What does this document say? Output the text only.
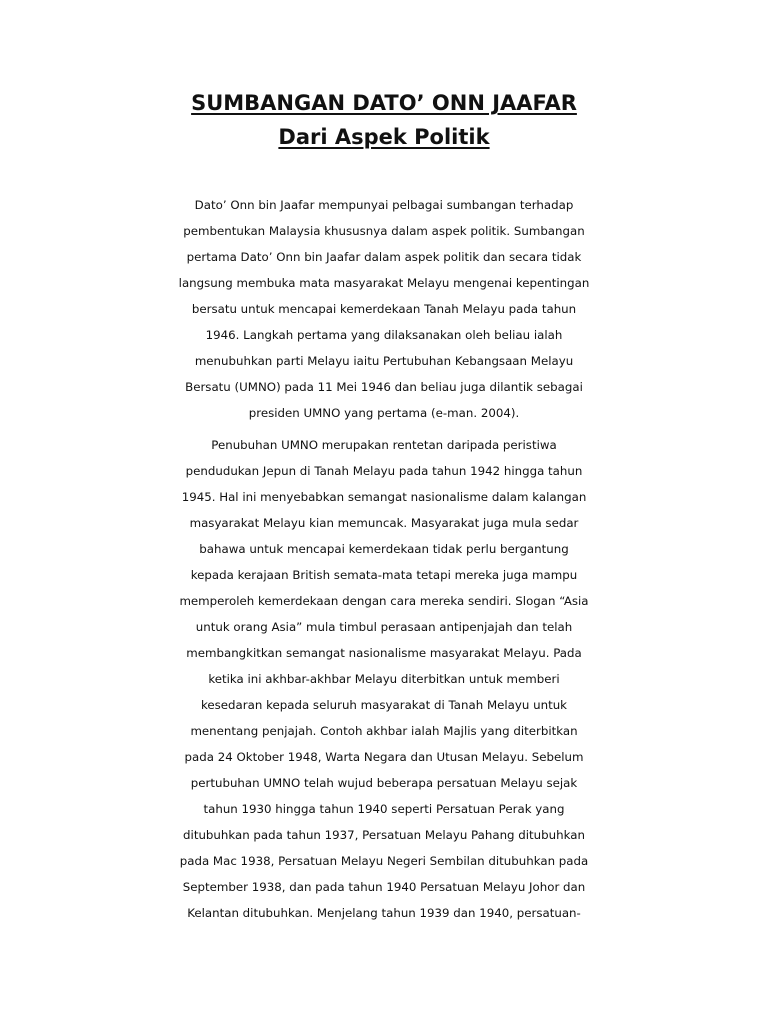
SUMBANGAN DATO’ ONN JAAFAR
Dari Aspek Politik

Dato’ Onn bin Jaafar mempunyai pelbagai sumbangan terhadap

pembentukan Malaysia khususnya dalam aspek politik. Sumbangan

pertama Dato’ Onn bin Jaafar dalam aspek politik dan secara tidak

langsung membuka mata masyarakat Melayu mengenai kepentingan

bersatu untuk mencapai kemerdekaan Tanah Melayu pada tahun

1946. Langkah pertama yang dilaksanakan oleh beliau ialah

menubuhkan parti Melayu iaitu Pertubuhan Kebangsaan Melayu

Bersatu (UMNO) pada 11 Mei 1946 dan beliau juga dilantik sebagai

presiden UMNO yang pertama (e-man. 2004).

Penubuhan UMNO merupakan rentetan daripada peristiwa

pendudukan Jepun di Tanah Melayu pada tahun 1942 hingga tahun

1945. Hal ini menyebabkan semangat nasionalisme dalam kalangan

masyarakat Melayu kian memuncak. Masyarakat juga mula sedar

bahawa untuk mencapai kemerdekaan tidak perlu bergantung

kepada kerajaan British semata-mata tetapi mereka juga mampu

memperoleh kemerdekaan dengan cara mereka sendiri. Slogan “Asia

untuk orang Asia” mula timbul perasaan antipenjajah dan telah

membangkitkan semangat nasionalisme masyarakat Melayu. Pada

ketika ini akhbar-akhbar Melayu diterbitkan untuk memberi

kesedaran kepada seluruh masyarakat di Tanah Melayu untuk

menentang penjajah. Contoh akhbar ialah Majlis yang diterbitkan

pada 24 Oktober 1948, Warta Negara dan Utusan Melayu. Sebelum

pertubuhan UMNO telah wujud beberapa persatuan Melayu sejak

tahun 1930 hingga tahun 1940 seperti Persatuan Perak yang

ditubuhkan pada tahun 1937, Persatuan Melayu Pahang ditubuhkan

pada Mac 1938, Persatuan Melayu Negeri Sembilan ditubuhkan pada

September 1938, dan pada tahun 1940 Persatuan Melayu Johor dan

Kelantan ditubuhkan. Menjelang tahun 1939 dan 1940, persatuan-
